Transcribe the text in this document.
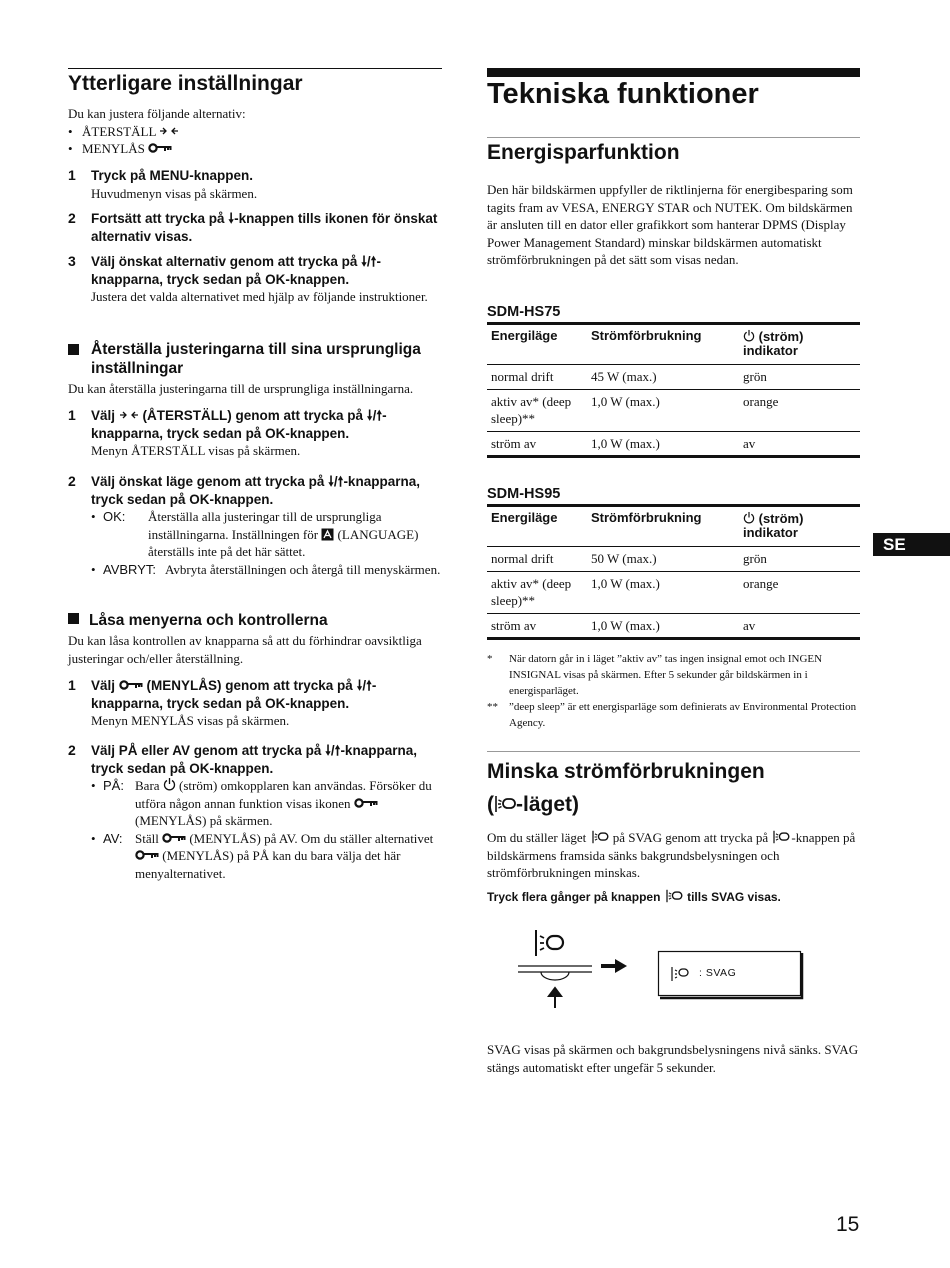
Ytterligare inställningar
Du kan justera följande alternativ:
• ÅTERSTÄLL
• MENYLÅS
1 Tryck på MENU-knappen.
Huvudmenyn visas på skärmen.
2 Fortsätt att trycka på 🠗-knappen tills ikonen för önskat alternativ visas.
3 Välj önskat alternativ genom att trycka på 🠗/🠕-knapparna, tryck sedan på OK-knappen.
Justera det valda alternativet med hjälp av följande instruktioner.
Återställa justeringarna till sina ursprungliga inställningar
Du kan återställa justeringarna till de ursprungliga inställningarna.
1 Välj  (ÅTERSTÄLL) genom att trycka på 🠗/🠕-knapparna, tryck sedan på OK-knappen.
Menyn ÅTERSTÄLL visas på skärmen.
2 Välj önskat läge genom att trycka på 🠗/🠕-knapparna, tryck sedan på OK-knappen.
OK:
•	Återställa alla justeringar till de ursprungliga inställningarna. Inställningen för  (LANGUAGE) återställs inte på det här sättet.
AVBRYT:
•	Avbryta återställningen och återgå till menyskärmen.
Låsa menyerna och kontrollerna
Du kan låsa kontrollen av knapparna så att du förhindrar oavsiktliga justeringar och/eller återställning.
1 Välj  (MENYLÅS) genom att trycka på 🠗/🠕-knapparna, tryck sedan på OK-knappen.
Menyn MENYLÅS visas på skärmen.
2 Välj PÅ eller AV genom att trycka på 🠗/🠕-knapparna, tryck sedan på OK-knappen.
PÅ:
•	Bara  (ström) omkopplaren kan användas. Försöker du utföra någon annan funktion visas ikonen  (MENYLÅS) på skärmen.
AV:
•	Ställ  (MENYLÅS) på AV. Om du ställer alternativet  (MENYLÅS) på PÅ kan du bara välja det här menyalternativet.
Tekniska funktioner
Energisparfunktion
Den här bildskärmen uppfyller de riktlinjerna för energibesparing som tagits fram av VESA, ENERGY STAR och NUTEK. Om bildskärmen är ansluten till en dator eller grafikkort som hanterar DPMS (Display Power Management Standard) minskar bildskärmen automatiskt strömförbrukningen på det sätt som visas nedan.
SDM-HS75
Energiläge	Strömförbrukning	(ström) indikator
normal drift	45 W (max.)	grön
aktiv av* (deep sleep)**	1,0 W (max.)	orange
ström av	1,0 W (max.)	av
SDM-HS95
Energiläge	Strömförbrukning	(ström) indikator
normal drift	50 W (max.)	grön
aktiv av* (deep sleep)**	1,0 W (max.)	orange
ström av	1,0 W (max.)	av
* När datorn går in i läget ”aktiv av” tas ingen insignal emot och INGEN INSIGNAL visas på skärmen. Efter 5 sekunder går bildskärmen in i energisparläget.
** ”deep sleep” är ett energisparläge som definierats av Environmental Protection Agency.
Minska strömförbrukningen
( -läget)
Om du ställer läget  på SVAG genom att trycka på -knappen på bildskärmens framsida sänks bakgrundsbelysningen och strömförbrukningen minskas.
Tryck flera gånger på knappen  tills SVAG visas.
: SVAG
SVAG visas på skärmen och bakgrundsbelysningens nivå sänks. SVAG stängs automatiskt efter ungefär 5 sekunder.
SE
15
